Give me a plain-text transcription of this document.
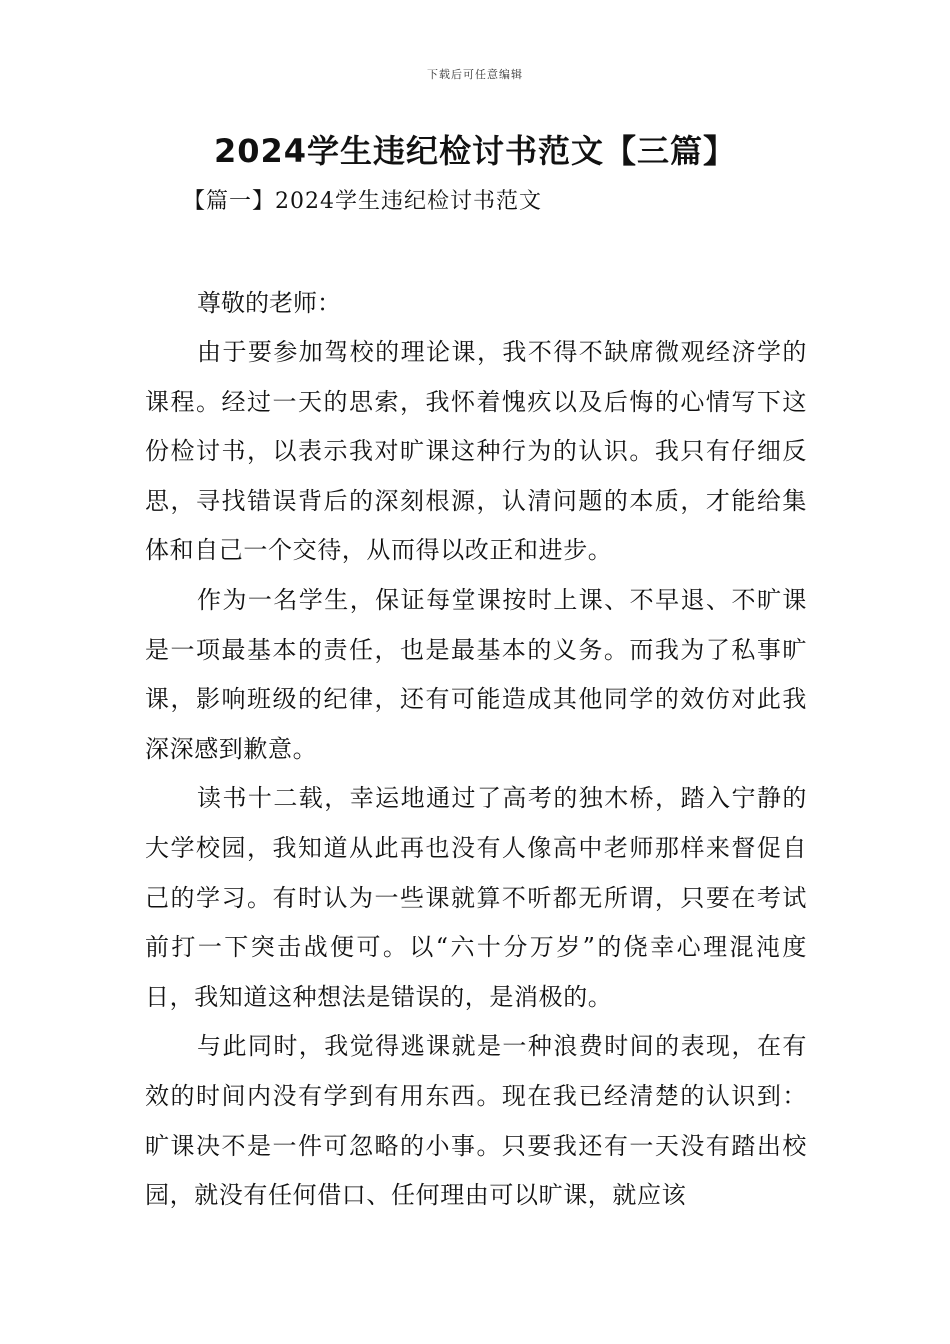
下载后可任意编辑
2024学生违纪检讨书范文【三篇】
【篇一】2024学生违纪检讨书范文

尊敬的老师：

由于要参加驾校的理论课，我不得不缺席微观经济学的课程。经过一天的思索，我怀着愧疚以及后悔的心情写下这份检讨书，以表示我对旷课这种行为的认识。我只有仔细反思，寻找错误背后的深刻根源，认清问题的本质，才能给集体和自己一个交待，从而得以改正和进步。

作为一名学生，保证每堂课按时上课、不早退、不旷课是一项最基本的责任，也是最基本的义务。而我为了私事旷课，影响班级的纪律，还有可能造成其他同学的效仿对此我深深感到歉意。

读书十二载，幸运地通过了高考的独木桥，踏入宁静的大学校园，我知道从此再也没有人像高中老师那样来督促自己的学习。有时认为一些课就算不听都无所谓，只要在考试前打一下突击战便可。以“六十分万岁”的侥幸心理混沌度日，我知道这种想法是错误的，是消极的。

与此同时，我觉得逃课就是一种浪费时间的表现，在有效的时间内没有学到有用东西。现在我已经清楚的认识到：旷课决不是一件可忽略的小事。只要我还有一天没有踏出校园，就没有任何借口、任何理由可以旷课，就应该
